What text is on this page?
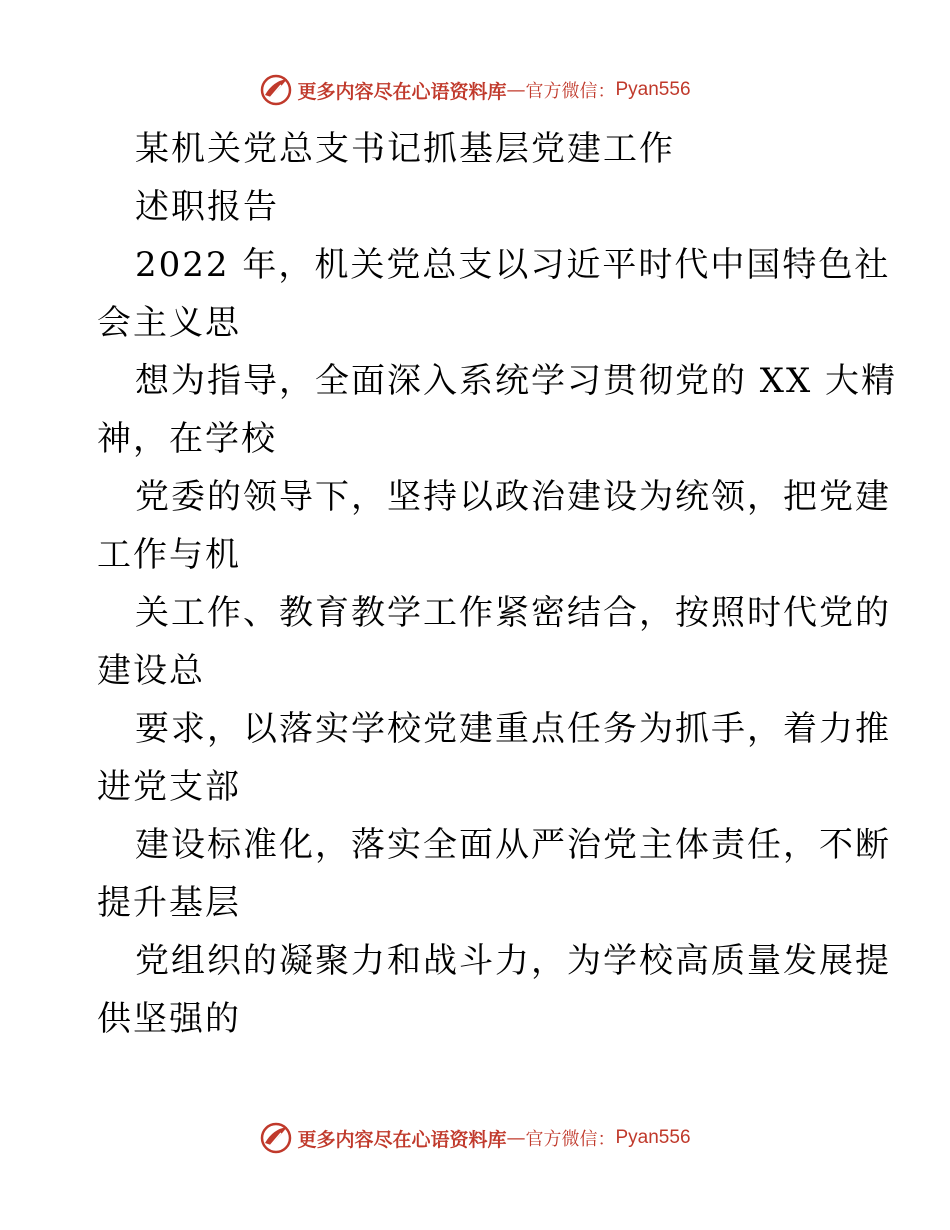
更多内容尽在心语资料库 — 官方微信： Pyan556
某机关党总支书记抓基层党建工作
述职报告
2022 年，机关党总支以习近平时代中国特色社
会主义思
想为指导，全面深入系统学习贯彻党的 XX 大精
神，在学校
党委的领导下，坚持以政治建设为统领，把党建
工作与机
关工作、教育教学工作紧密结合，按照时代党的
建设总
要求，以落实学校党建重点任务为抓手，着力推
进党支部
建设标准化，落实全面从严治党主体责任，不断
提升基层
党组织的凝聚力和战斗力，为学校高质量发展提
供坚强的
更多内容尽在心语资料库 — 官方微信： Pyan556
